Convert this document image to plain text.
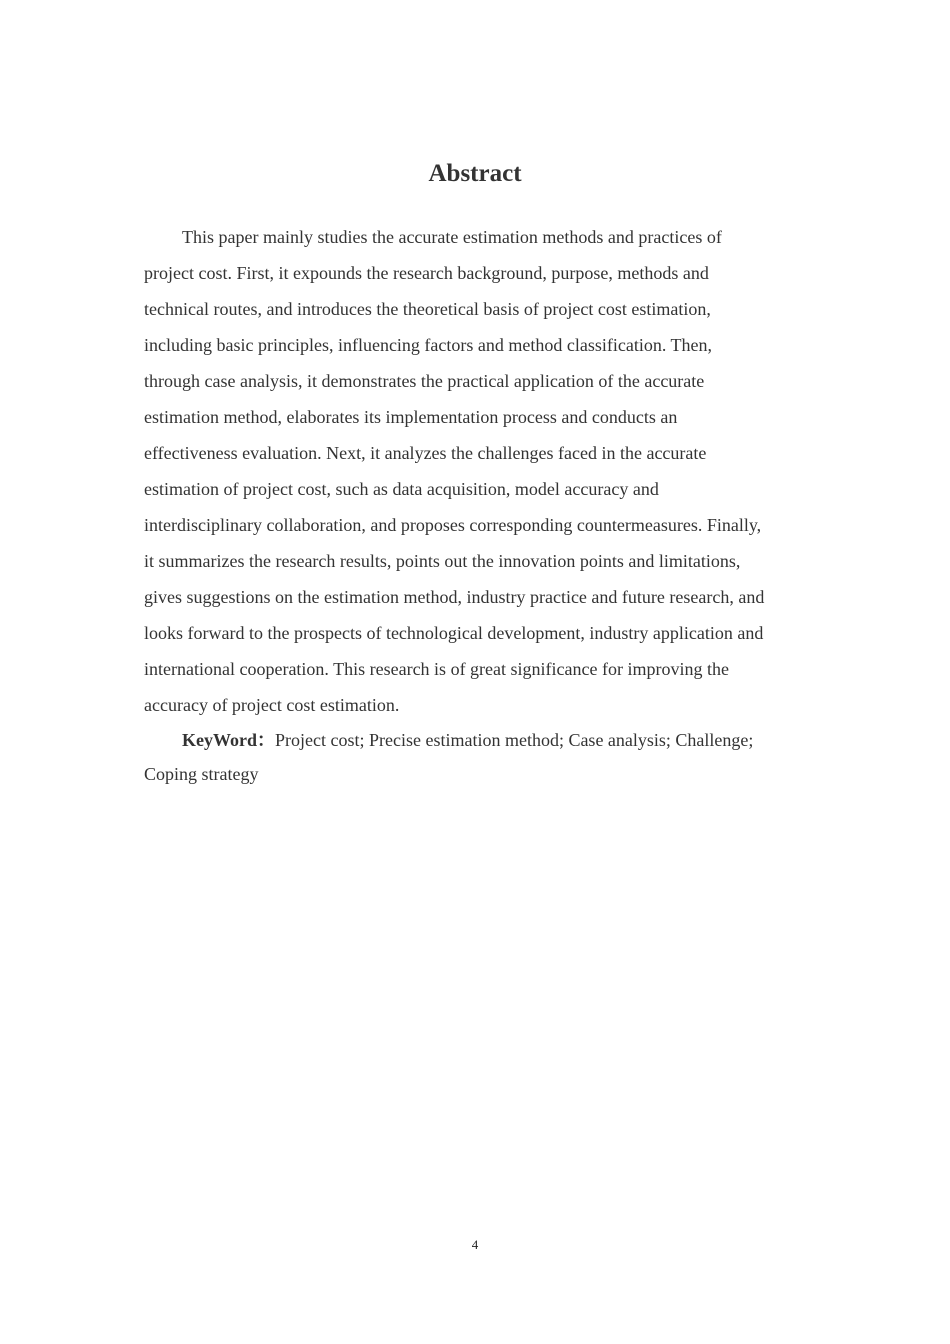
Abstract

This paper mainly studies the accurate estimation methods and practices of
project cost. First, it expounds the research background, purpose, methods and
technical routes, and introduces the theoretical basis of project cost estimation,
including basic principles, influencing factors and method classification. Then,
through case analysis, it demonstrates the practical application of the accurate
estimation method, elaborates its implementation process and conducts an
effectiveness evaluation. Next, it analyzes the challenges faced in the accurate
estimation of project cost, such as data acquisition, model accuracy and
interdisciplinary collaboration, and proposes corresponding countermeasures. Finally,
it summarizes the research results, points out the innovation points and limitations,
gives suggestions on the estimation method, industry practice and future research, and
looks forward to the prospects of technological development, industry application and
international cooperation. This research is of great significance for improving the
accuracy of project cost estimation.

KeyWord：Project cost; Precise estimation method; Case analysis; Challenge;
Coping strategy

4
